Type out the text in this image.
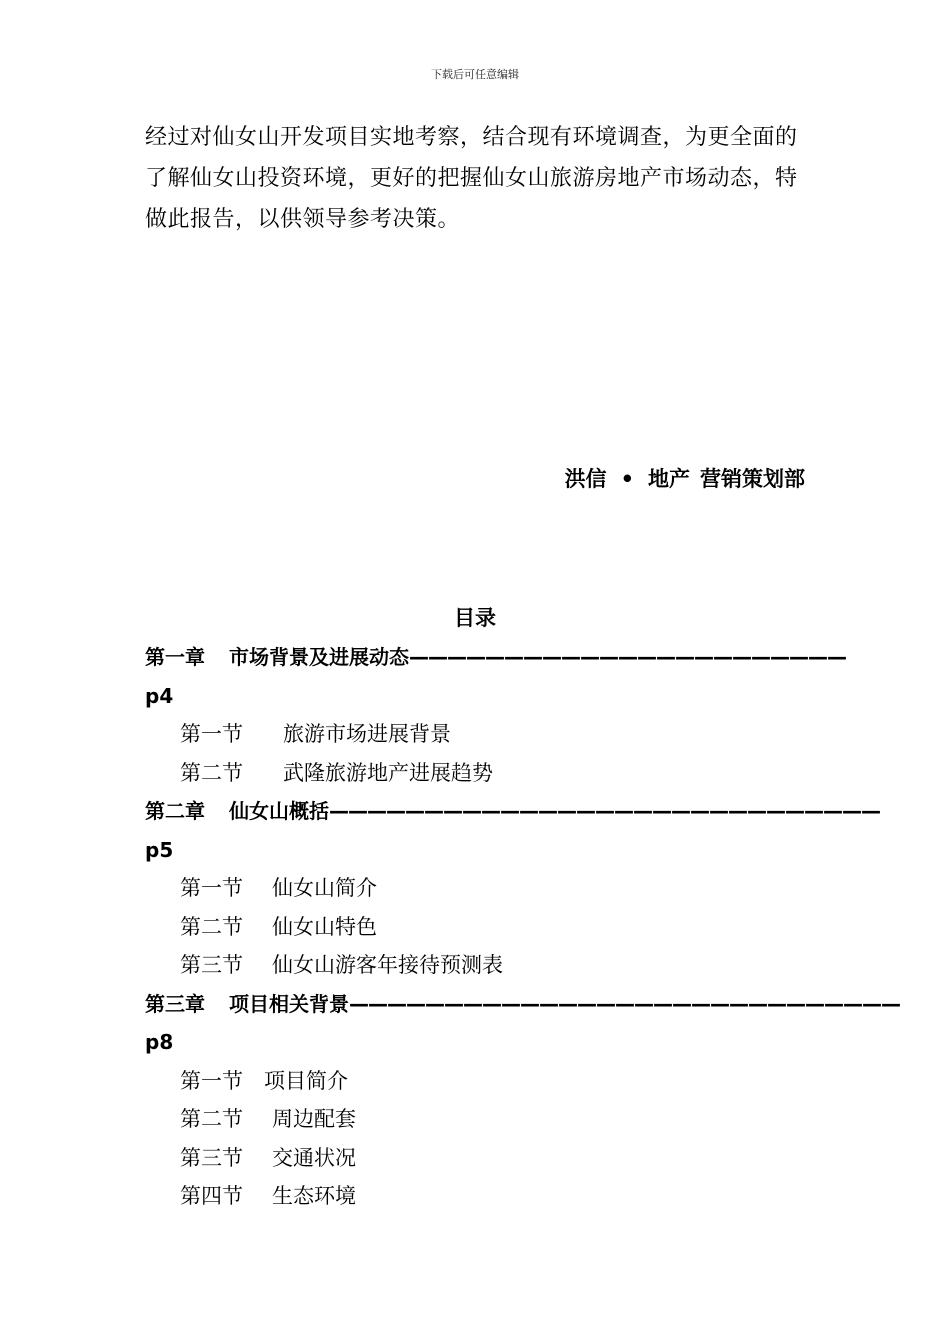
下载后可任意编辑

经过对仙女山开发项目实地考察，结合现有环境调查，为更全面的了解仙女山投资环境，更好的把握仙女山旅游房地产市场动态，特做此报告，以供领导参考决策。

洪信 • 地产 营销策划部
目录
第一章 市场背景及进展动态———————————————————————
p4
第一节 旅游市场进展背景
第二节 武隆旅游地产进展趋势
第二章 仙女山概括—————————————————————————————
p5
第一节 仙女山简介
第二节 仙女山特色
第三节 仙女山游客年接待预测表
第三章 项目相关背景—————————————————————————————
p8
第一节 项目简介
第二节 周边配套
第三节 交通状况
第四节 生态环境
